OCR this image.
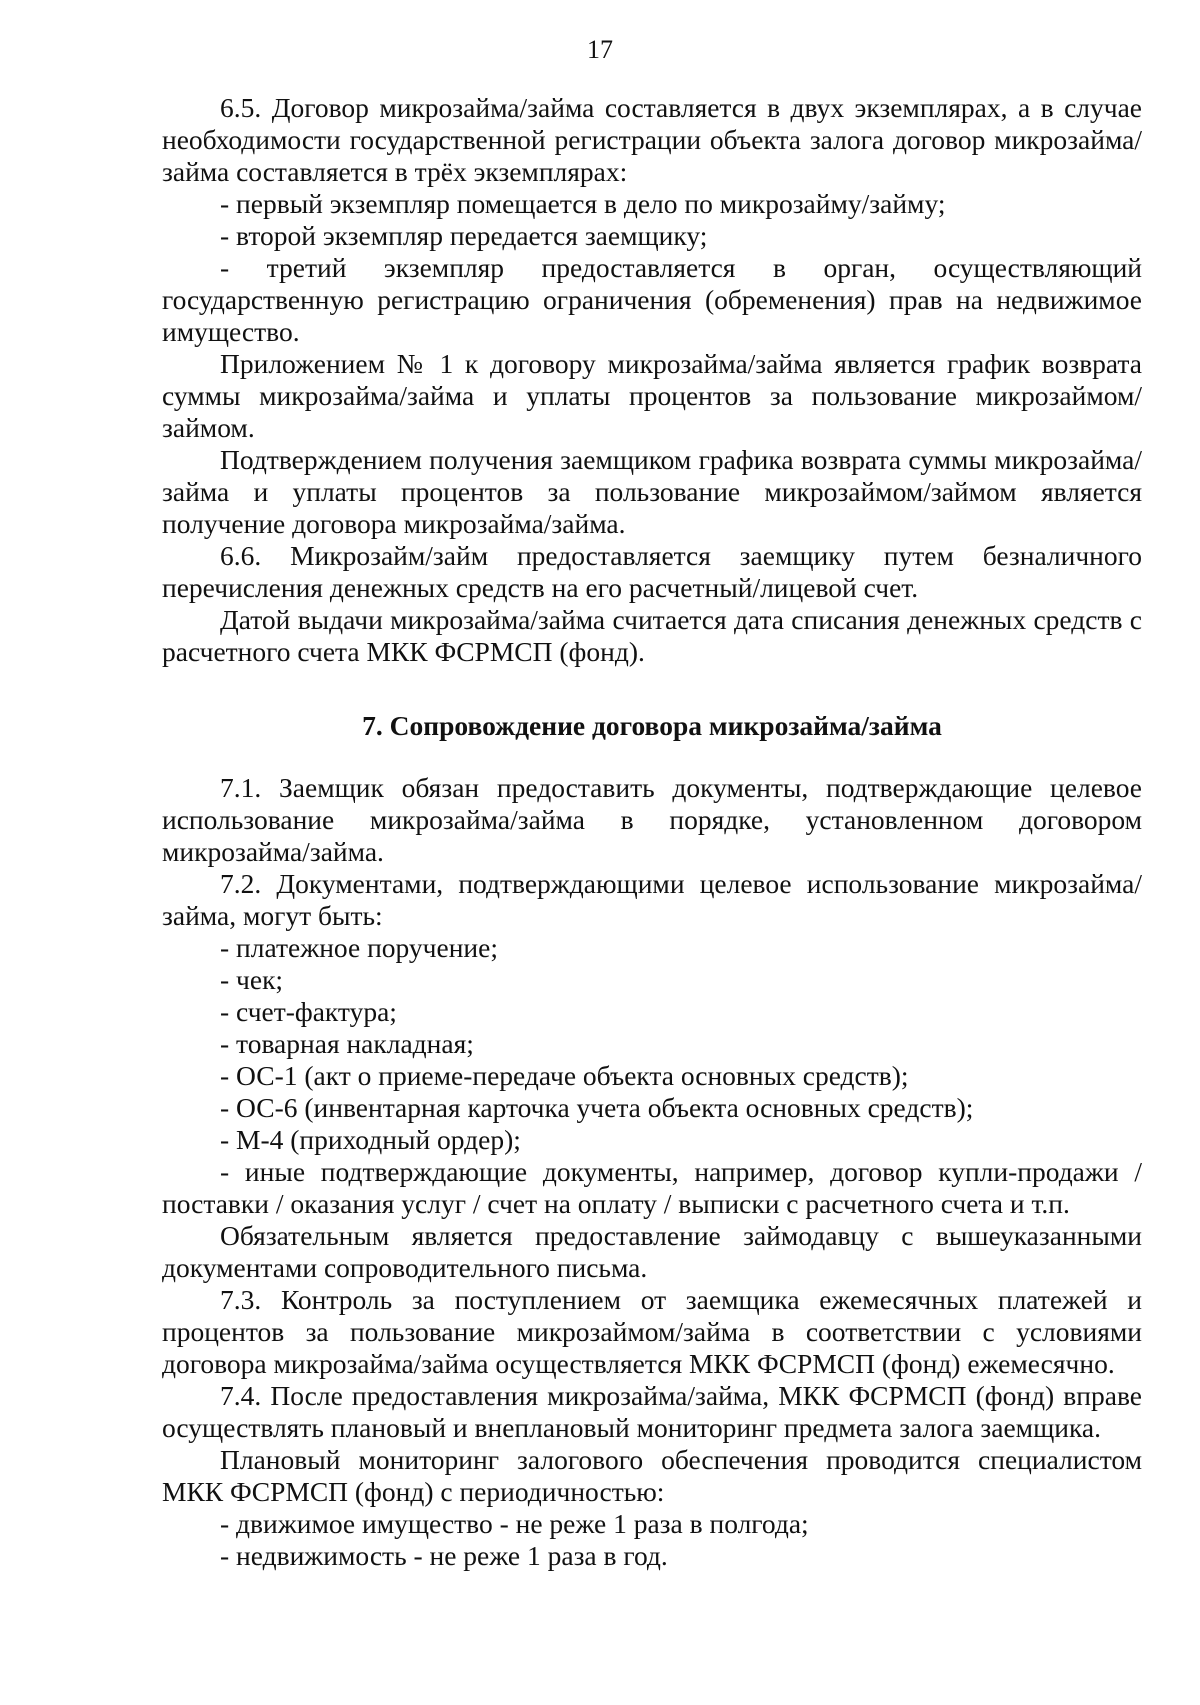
17

6.5. Договор микрозайма/займа составляется в двух экземплярах, а в случае необходимости государственной регистрации объекта залога договор микрозайма/займа составляется в трёх экземплярах:

- первый экземпляр помещается в дело по микрозайму/займу;

- второй экземпляр передается заемщику;

- третий экземпляр предоставляется в орган, осуществляющий государственную регистрацию ограничения (обременения) прав на недвижимое имущество.

Приложением № 1 к договору микрозайма/займа является график возврата суммы микрозайма/займа и уплаты процентов за пользование микрозаймом/займом.

Подтверждением получения заемщиком графика возврата суммы микрозайма/займа и уплаты процентов за пользование микрозаймом/займом является получение договора микрозайма/займа.

6.6. Микрозайм/займ предоставляется заемщику путем безналичного перечисления денежных средств на его расчетный/лицевой счет.

Датой выдачи микрозайма/займа считается дата списания денежных средств с расчетного счета МКК ФСРМСП (фонд).

7. Сопровождение договора микрозайма/займа

7.1. Заемщик обязан предоставить документы, подтверждающие целевое использование микрозайма/займа в порядке, установленном договором микрозайма/займа.

7.2. Документами, подтверждающими целевое использование микрозайма/займа, могут быть:

- платежное поручение;

- чек;

- счет-фактура;

- товарная накладная;

- ОС-1 (акт о приеме-передаче объекта основных средств);

- ОС-6 (инвентарная карточка учета объекта основных средств);

- М-4 (приходный ордер);

- иные подтверждающие документы, например, договор купли-продажи / поставки / оказания услуг / счет на оплату / выписки с расчетного счета и т.п.

Обязательным является предоставление займодавцу с вышеуказанными документами сопроводительного письма.

7.3. Контроль за поступлением от заемщика ежемесячных платежей и процентов за пользование микрозаймом/займа в соответствии с условиями договора микрозайма/займа осуществляется МКК ФСРМСП (фонд) ежемесячно.

7.4. После предоставления микрозайма/займа, МКК ФСРМСП (фонд) вправе осуществлять плановый и внеплановый мониторинг предмета залога заемщика.

Плановый мониторинг залогового обеспечения проводится специалистом МКК ФСРМСП (фонд) с периодичностью:

- движимое имущество - не реже 1 раза в полгода;

- недвижимость - не реже 1 раза в год.
